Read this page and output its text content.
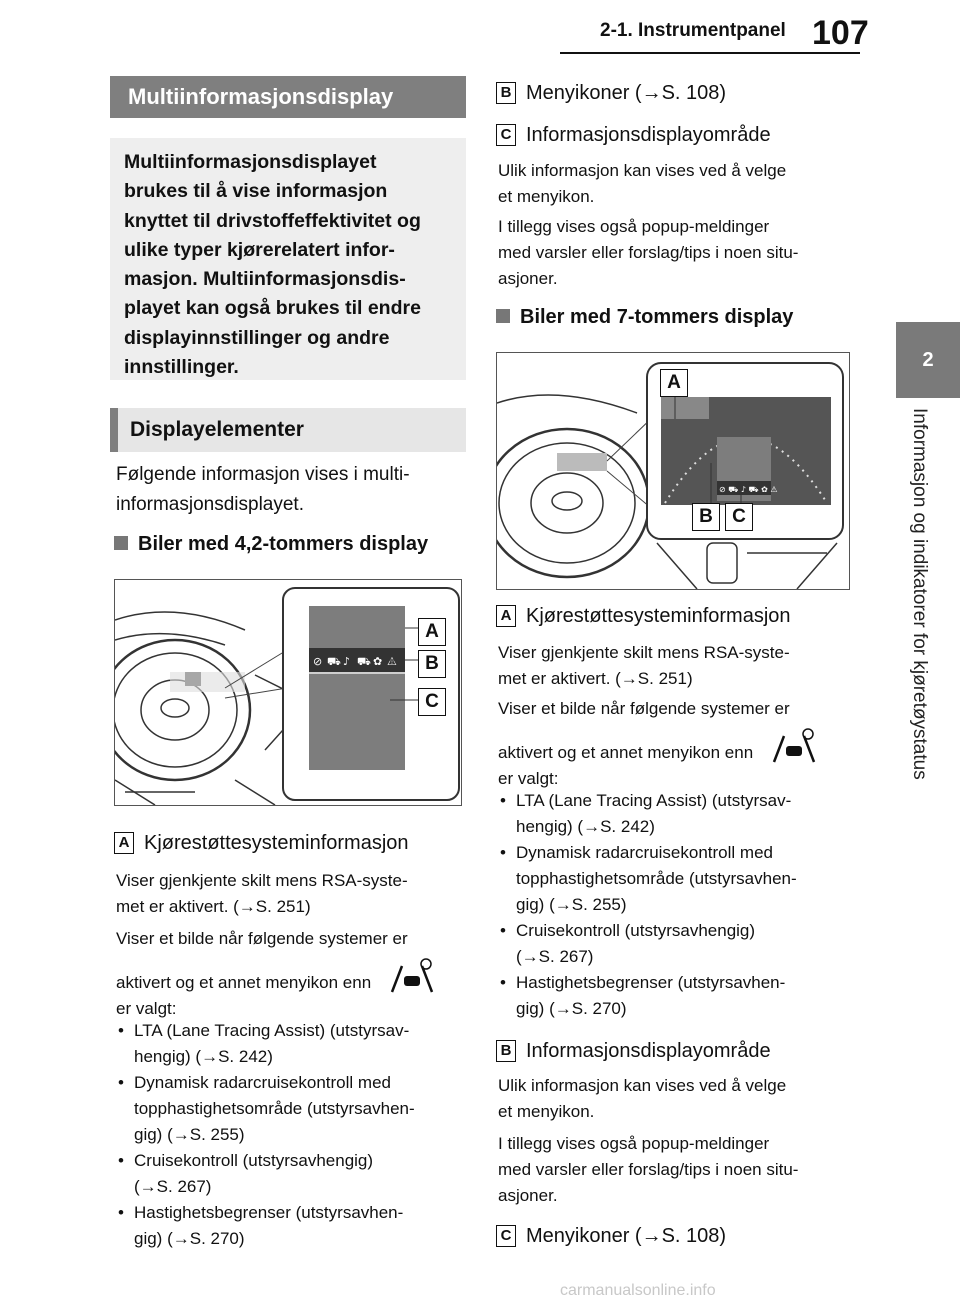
2-1. Instrumentpanel 107
2
Informasjon og indikatorer for kjøretøystatus
Multiinformasjonsdisplay
Multiinformasjonsdisplayet
brukes til å vise informasjon
knyttet til drivstoffeffektivitet og
ulike typer kjørerelatert infor-
masjon. Multiinformasjonsdis-
playet kan også brukes til endre
displayinnstillinger og andre
innstillinger.
Displayelementer
Følgende informasjon vises i multi-
informasjonsdisplayet.
Biler med 4,2-tommers display
⊘ ⛟ ♪ ⛟ ✿ ⚠
A
B
C
A Kjørestøttesysteminformasjon
Viser gjenkjente skilt mens RSA-syste-
met er aktivert. (→S. 251)
Viser et bilde når følgende systemer er
aktivert og et annet menyikon enn
er valgt:
• LTA (Lane Tracing Assist) (utstyrsav-
hengig) (→S. 242)
• Dynamisk radarcruisekontroll med
topphastighetsområde (utstyrsavhen-
gig) (→S. 255)
• Cruisekontroll (utstyrsavhengig)
(→S. 267)
• Hastighetsbegrenser (utstyrsavhen-
gig) (→S. 270)
B Menyikoner (→S. 108)
C Informasjonsdisplayområde
Ulik informasjon kan vises ved å velge
et menyikon.
I tillegg vises også popup-meldinger
med varsler eller forslag/tips i noen situ-
asjoner.
Biler med 7-tommers display
⊘ ⛟ ♪ ⛟ ✿ ⚠
A
B	C
A Kjørestøttesysteminformasjon
Viser gjenkjente skilt mens RSA-syste-
met er aktivert. (→S. 251)
Viser et bilde når følgende systemer er
aktivert og et annet menyikon enn
er valgt:
• LTA (Lane Tracing Assist) (utstyrsav-
hengig) (→S. 242)
• Dynamisk radarcruisekontroll med
topphastighetsområde (utstyrsavhen-
gig) (→S. 255)
• Cruisekontroll (utstyrsavhengig)
(→S. 267)
• Hastighetsbegrenser (utstyrsavhen-
gig) (→S. 270)
B Informasjonsdisplayområde
Ulik informasjon kan vises ved å velge
et menyikon.
I tillegg vises også popup-meldinger
med varsler eller forslag/tips i noen situ-
asjoner.
C Menyikoner (→S. 108)
carmanualsonline.info
